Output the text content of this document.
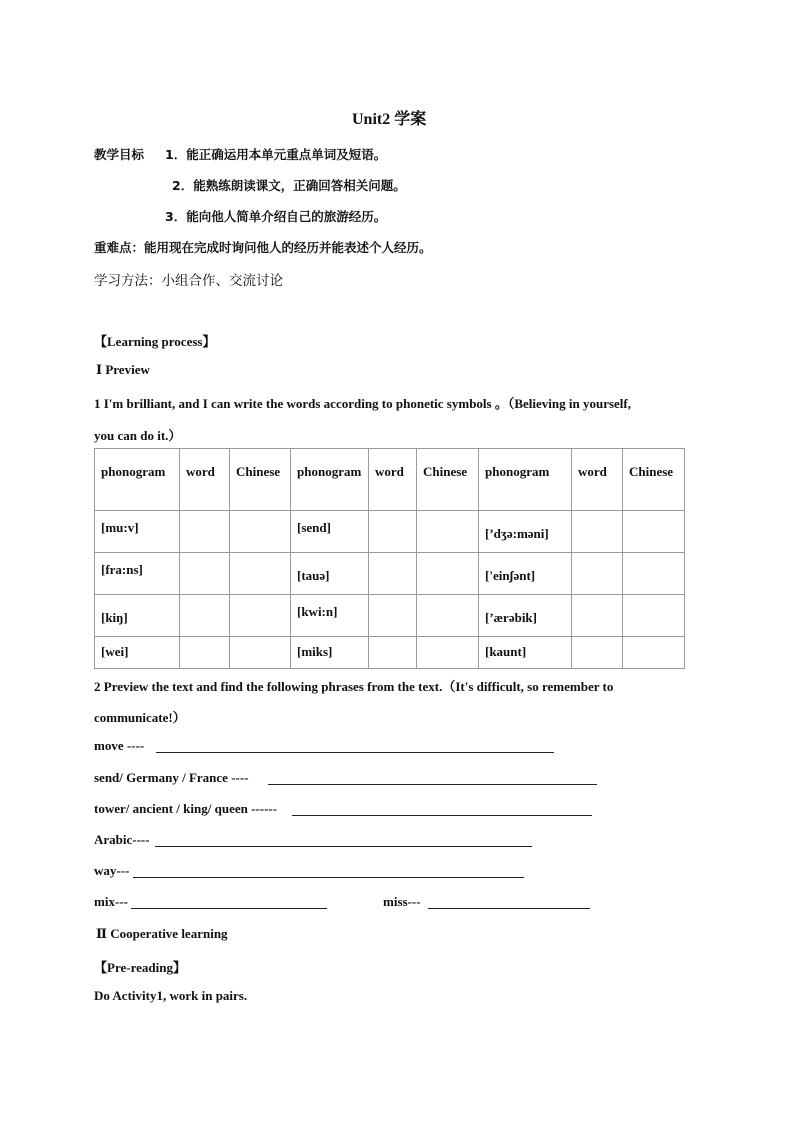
Unit2 学案
教学目标 1．能正确运用本单元重点单词及短语。
2．能熟练朗读课文，正确回答相关问题。
3．能向他人简单介绍自己的旅游经历。
重难点：能用现在完成时询问他人的经历并能表述个人经历。
学习方法：小组合作、交流讨论
【Learning process】
Ⅰ Preview
1 I'm brilliant, and I can write the words according to phonetic symbols 。（Believing in yourself,
you can do it.）
phonogram	word	Chinese	phonogram	word	Chinese	phonogram	word	Chinese
[mu:v]			[send]			[’dʒə:məni]		
[fra:ns]			[tauə]			['einʃənt]		
[kiŋ]			[kwi:n]			[’ærəbik]		
[wei]			[miks]			[kaunt]		
2 Preview the text and find the following phrases from the text.（It's difficult, so remember to
communicate!）
move ----
send/ Germany / France ----
tower/ ancient / king/ queen ------
Arabic----
way---
mix---	miss---
Ⅱ Cooperative learning
【Pre-reading】
Do Activity1, work in pairs.
